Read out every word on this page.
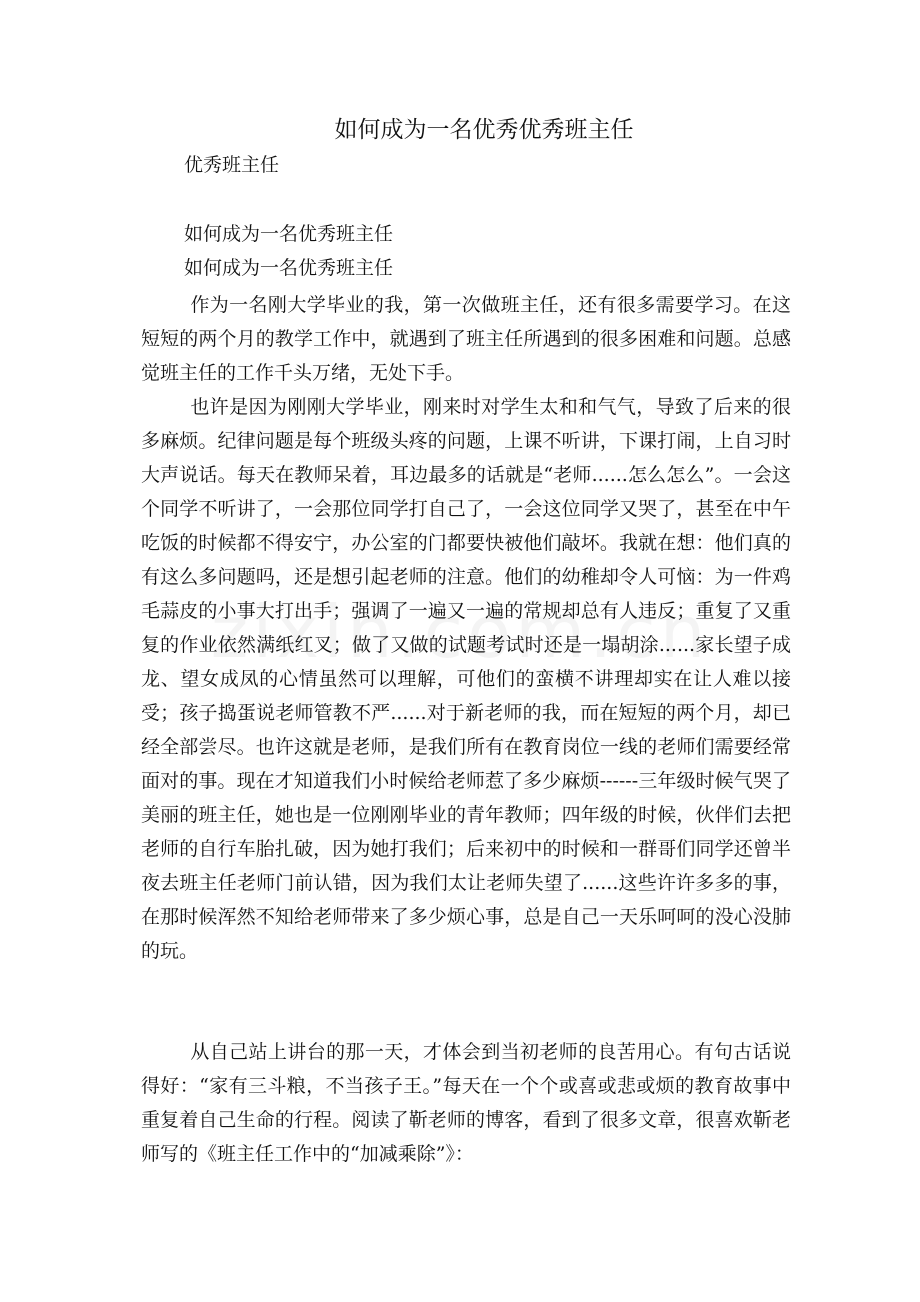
如何成为一名优秀优秀班主任

优秀班主任

如何成为一名优秀班主任

如何成为一名优秀班主任

作为一名刚大学毕业的我，第一次做班主任，还有很多需要学习。在这短短的两个月的教学工作中，就遇到了班主任所遇到的很多困难和问题。总感觉班主任的工作千头万绪，无处下手。

也许是因为刚刚大学毕业，刚来时对学生太和和气气，导致了后来的很多麻烦。纪律问题是每个班级头疼的问题，上课不听讲，下课打闹，上自习时大声说话。每天在教师呆着，耳边最多的话就是“老师......怎么怎么”。一会这个同学不听讲了，一会那位同学打自己了，一会这位同学又哭了，甚至在中午吃饭的时候都不得安宁，办公室的门都要快被他们敲坏。我就在想：他们真的有这么多问题吗，还是想引起老师的注意。他们的幼稚却令人可恼：为一件鸡毛蒜皮的小事大打出手；强调了一遍又一遍的常规却总有人违反；重复了又重复的作业依然满纸红叉；做了又做的试题考试时还是一塌胡涂......家长望子成龙、望女成凤的心情虽然可以理解，可他们的蛮横不讲理却实在让人难以接受；孩子捣蛋说老师管教不严......对于新老师的我，而在短短的两个月，却已经全部尝尽。也许这就是老师，是我们所有在教育岗位一线的老师们需要经常面对的事。现在才知道我们小时候给老师惹了多少麻烦------三年级时候气哭了美丽的班主任，她也是一位刚刚毕业的青年教师；四年级的时候，伙伴们去把老师的自行车胎扎破，因为她打我们；后来初中的时候和一群哥们同学还曾半夜去班主任老师门前认错，因为我们太让老师失望了......这些许许多多的事，在那时候浑然不知给老师带来了多少烦心事，总是自己一天乐呵呵的没心没肺的玩。

从自己站上讲台的那一天，才体会到当初老师的良苦用心。有句古话说得好：“家有三斗粮，不当孩子王。”每天在一个个或喜或悲或烦的教育故事中重复着自己生命的行程。阅读了靳老师的博客，看到了很多文章，很喜欢靳老师写的《班主任工作中的“加减乘除”》：
